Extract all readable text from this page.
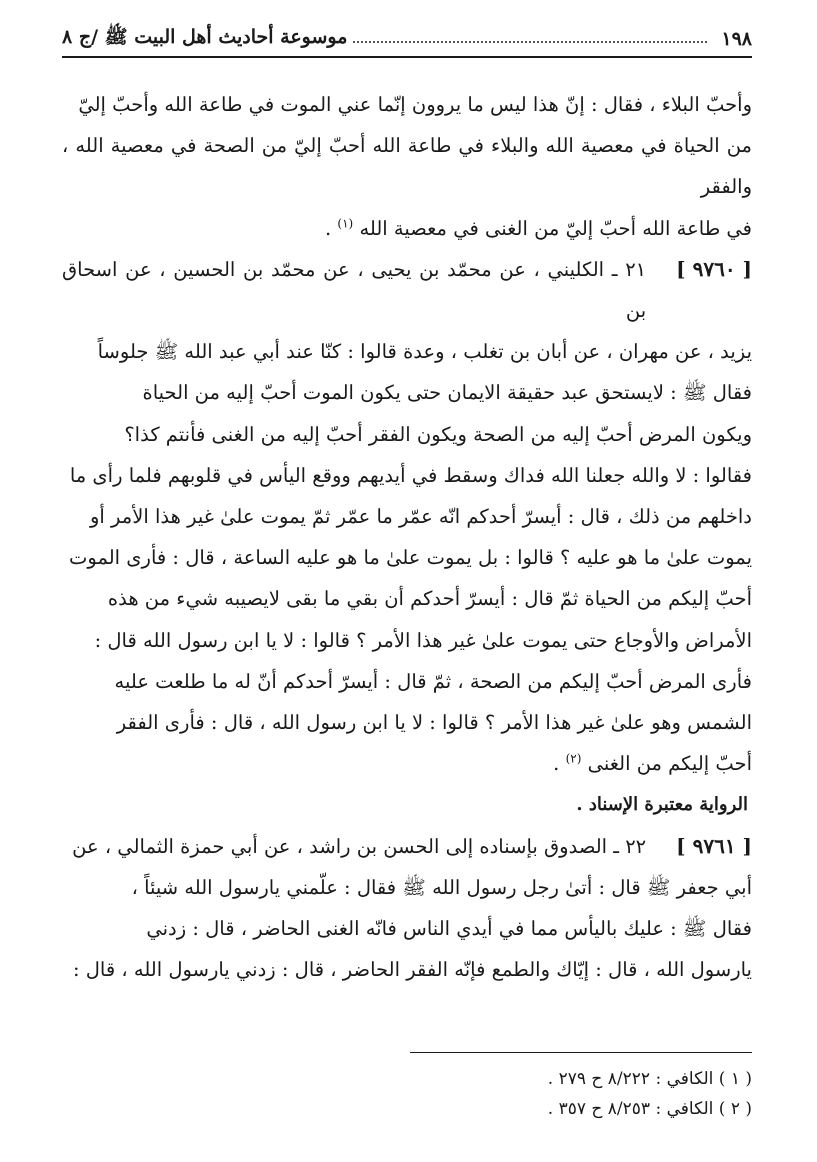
١٩٨
موسوعة أحاديث أهل البيت ﷺ /ج ٨

وأحبّ البلاء ، فقال : إنّ هذا ليس ما يروون إنّما عني الموت في طاعة الله وأحبّ إليّ

من الحياة في معصية الله والبلاء في طاعة الله أحبّ إليّ من الصحة في معصية الله ، والفقر

في طاعة الله أحبّ إليّ من الغنى في معصية الله $^{(١)}$ .

[ ٩٧٦٠ ]
٢١ ـ الكليني ، عن محمّد بن يحيى ، عن محمّد بن الحسين ، عن اسحاق بن

يزيد ، عن مهران ، عن أبان بن تغلب ، وعدة قالوا : كنّا عند أبي عبد الله ﷺ جلوساً

فقال ﷺ : لايستحق عبد حقيقة الايمان حتى يكون الموت أحبّ إليه من الحياة

ويكون المرض أحبّ إليه من الصحة ويكون الفقر أحبّ إليه من الغنى فأنتم كذا؟

فقالوا : لا والله جعلنا الله فداك وسقط في أيديهم ووقع اليأس في قلوبهم فلما رأى ما

داخلهم من ذلك ، قال : أيسرّ أحدكم انّه عمّر ما عمّر ثمّ يموت علىٰ غير هذا الأمر أو

يموت علىٰ ما هو عليه ؟ قالوا : بل يموت علىٰ ما هو عليه الساعة ، قال : فأرى الموت

أحبّ إليكم من الحياة ثمّ قال : أيسرّ أحدكم أن بقي ما بقى لايصيبه شيء من هذه

الأمراض والأوجاع حتى يموت علىٰ غير هذا الأمر ؟ قالوا : لا يا ابن رسول الله قال :

فأرى المرض أحبّ إليكم من الصحة ، ثمّ قال : أيسرّ أحدكم أنّ له ما طلعت عليه

الشمس وهو علىٰ غير هذا الأمر ؟ قالوا : لا يا ابن رسول الله ، قال : فأرى الفقر

أحبّ إليكم من الغنى $^{(٢)}$ .

الرواية معتبرة الإسناد .

[ ٩٧٦١ ]
٢٢ ـ الصدوق بإسناده إلى الحسن بن راشد ، عن أبي حمزة الثمالي ، عن

أبي جعفر ﷺ قال : أتىٰ رجل رسول الله ﷺ فقال : علّمني يارسول الله شيئاً ،

فقال ﷺ : عليك باليأس مما في أيدي الناس فانّه الغنى الحاضر ، قال : زدني

يارسول الله ، قال : إيّاك والطمع فإنّه الفقر الحاضر ، قال : زدني يارسول الله ، قال :

( ١ ) الكافي : ٨/٢٢٢ ح ٢٧٩ .

( ٢ ) الكافي : ٨/٢٥٣ ح ٣٥٧ .
